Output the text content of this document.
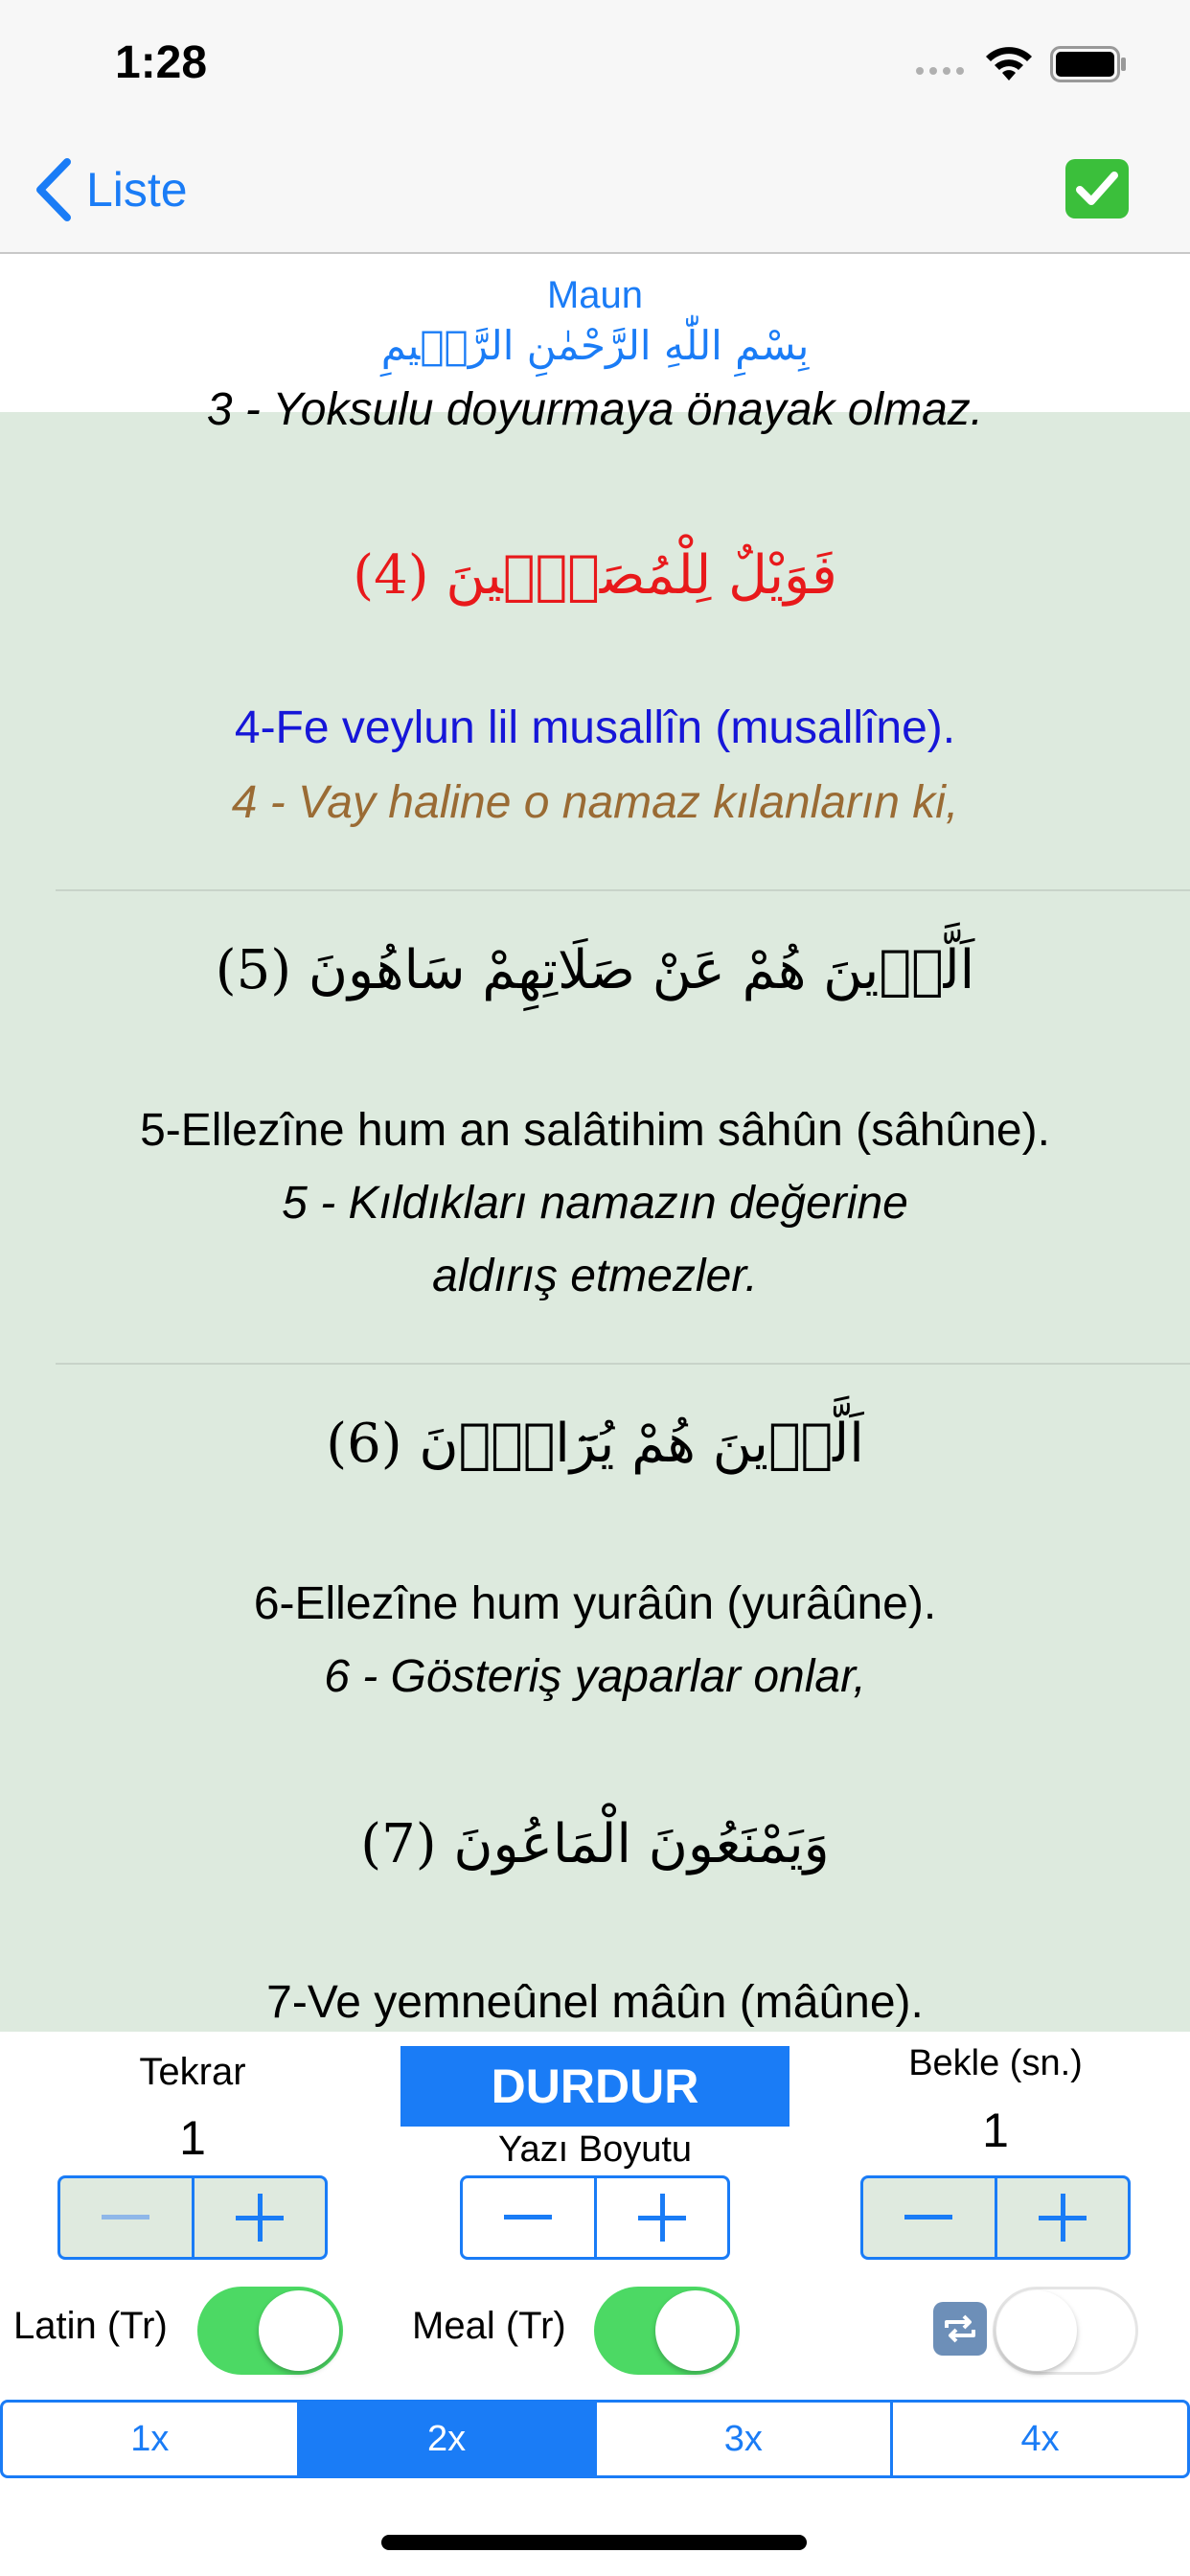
1:28
Liste
Maun
بِسْمِ اللّٰهِ الرَّحْمٰنِ الرَّح۪يمِ
3 - Yoksulu doyurmaya önayak olmaz.
فَوَيْلٌ لِلْمُصَلّ۪ينَ (4)
4-Fe veylun lil musallîn (musallîne).
4 - Vay haline o namaz kılanların ki,
اَلَّذ۪ينَ هُمْ عَنْ صَلَاتِهِمْ سَاهُونَ (5)
5-Ellezîne hum an salâtihim sâhûn (sâhûne).
5 - Kıldıkları namazın değerine
aldırış etmezler.
اَلَّذ۪ينَ هُمْ يُرَٓاؤُ۫نَ (6)
6-Ellezîne hum yurâûn (yurâûne).
6 - Gösteriş yaparlar onlar,
وَيَمْنَعُونَ الْمَاعُونَ (7)
7-Ve yemneûnel mâûn (mâûne).
Tekrar
1
DURDUR
Yazı Boyutu
Bekle (sn.)
1
Latin (Tr)	Meal (Tr)
1x	2x	3x	4x
